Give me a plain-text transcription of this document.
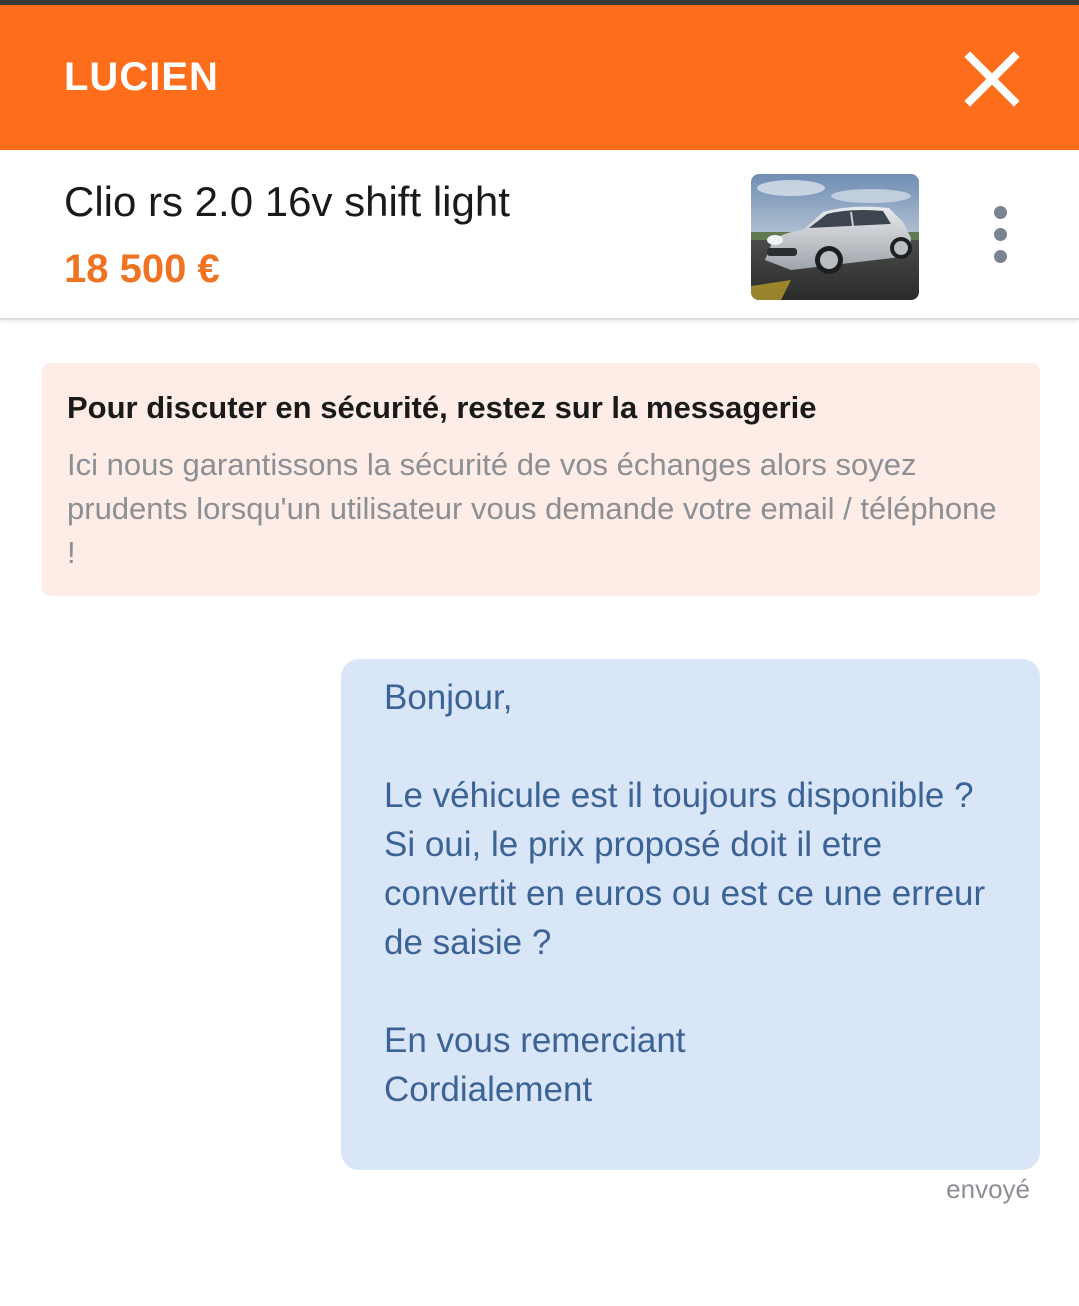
LUCIEN
Clio rs 2.0 16v shift light
18 500 €
Pour discuter en sécurité, restez sur la messagerie
Ici nous garantissons la sécurité de vos échanges alors soyez prudents lorsqu'un utilisateur vous demande votre email / téléphone !
Bonjour,

Le véhicule est il toujours disponible ?
Si oui, le prix proposé doit il etre convertit en euros ou est ce une erreur de saisie ?

En vous remerciant
Cordialement
envoyé
